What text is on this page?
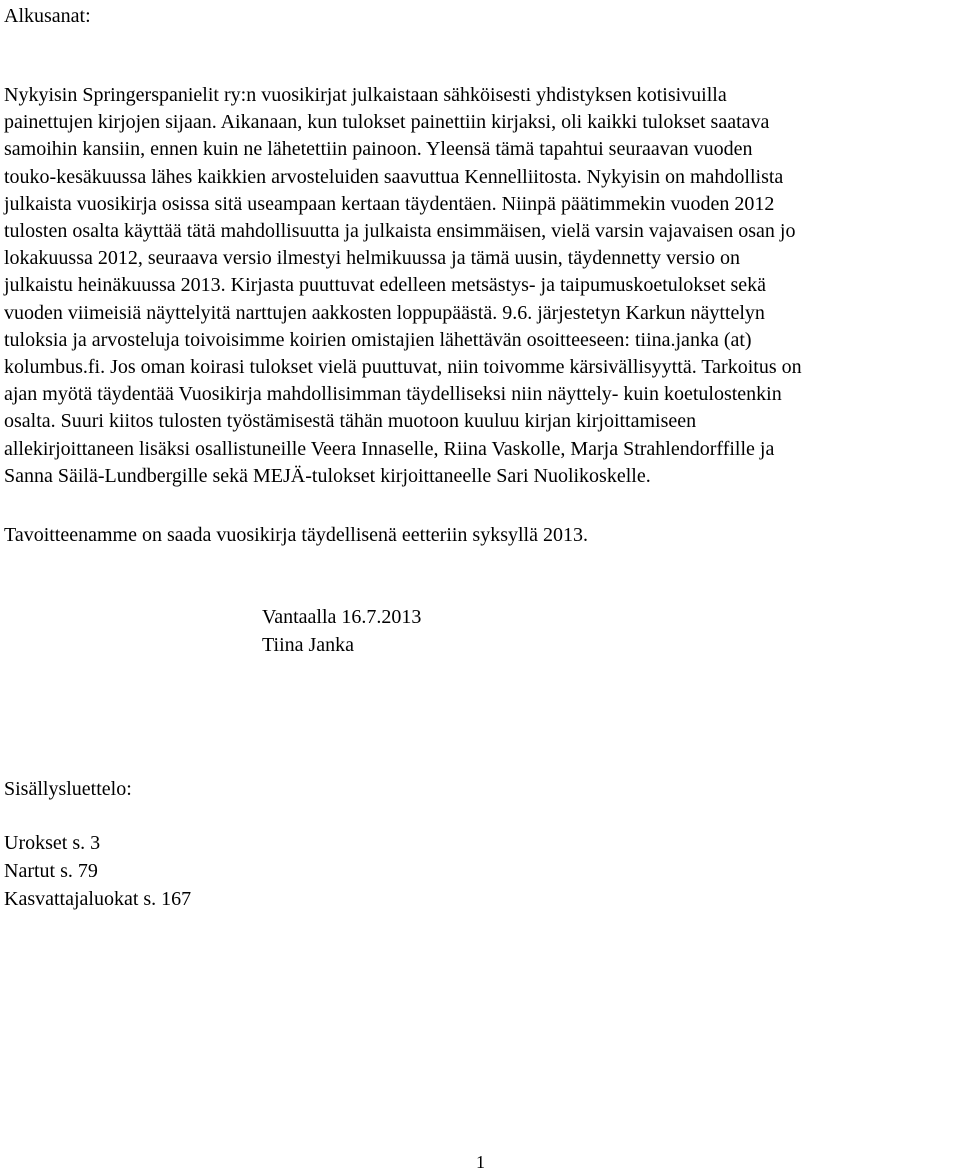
Alkusanat:
Nykyisin Springerspanielit ry:n vuosikirjat julkaistaan sähköisesti yhdistyksen kotisivuilla
painettujen kirjojen sijaan. Aikanaan, kun tulokset painettiin kirjaksi, oli kaikki tulokset saatava
samoihin kansiin, ennen kuin ne lähetettiin painoon. Yleensä tämä tapahtui seuraavan vuoden
touko-kesäkuussa lähes kaikkien arvosteluiden saavuttua Kennelliitosta. Nykyisin on mahdollista
julkaista vuosikirja osissa sitä useampaan kertaan täydentäen. Niinpä päätimmekin vuoden 2012
tulosten osalta käyttää tätä mahdollisuutta ja julkaista ensimmäisen, vielä varsin vajavaisen osan jo
lokakuussa 2012, seuraava versio ilmestyi helmikuussa ja tämä uusin, täydennetty versio on
julkaistu heinäkuussa 2013. Kirjasta puuttuvat edelleen metsästys- ja taipumuskoetulokset sekä
vuoden viimeisiä näyttelyitä narttujen aakkosten loppupäästä. 9.6. järjestetyn Karkun näyttelyn
tuloksia ja arvosteluja toivoisimme koirien omistajien lähettävän osoitteeseen: tiina.janka (at)
kolumbus.fi. Jos oman koirasi tulokset vielä puuttuvat, niin toivomme kärsivällisyyttä. Tarkoitus on
ajan myötä täydentää Vuosikirja mahdollisimman täydelliseksi niin näyttely- kuin koetulostenkin
osalta. Suuri kiitos tulosten työstämisestä tähän muotoon kuuluu kirjan kirjoittamiseen
allekirjoittaneen lisäksi osallistuneille Veera Innaselle, Riina Vaskolle, Marja Strahlendorffille ja
Sanna Säilä-Lundbergille sekä MEJÄ-tulokset kirjoittaneelle Sari Nuolikoskelle.
Tavoitteenamme on saada vuosikirja täydellisenä eetteriin syksyllä 2013.
Vantaalla 16.7.2013
Tiina Janka
Sisällysluettelo:
Urokset s. 3
Nartut s. 79
Kasvattajaluokat s. 167
1
